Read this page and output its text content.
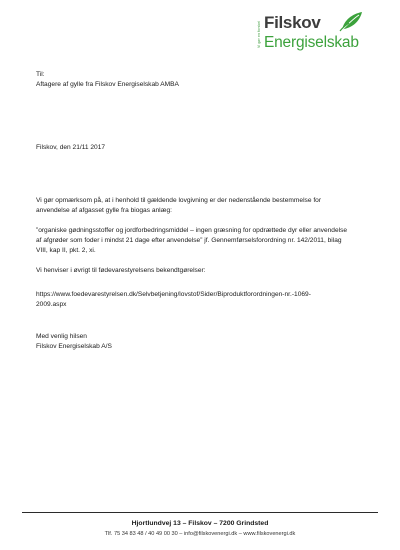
Vi gør en forskel Filskov
Energiselskab
Til:
Aftagere af gylle fra Filskov Energiselskab AMBA
Filskov, den 21/11 2017
Vi gør opmærksom på, at i henhold til gældende lovgivning er der nedenstående bestemmelse for
anvendelse af afgasset gylle fra biogas anlæg:
”organiske gødningsstoffer og jordforbedringsmiddel – ingen græsning for opdrættede dyr eller anvendelse
af afgrøder som foder i mindst 21 dage efter anvendelse” jf. Gennemførselsforordning nr. 142/2011, bilag
VIII, kap II, pkt. 2, xi.
Vi henviser i øvrigt til fødevarestyrelsens bekendtgørelser:
https://www.foedevarestyrelsen.dk/Selvbetjening/lovstof/Sider/Biproduktforordningen-nr.-1069-
2009.aspx
Med venlig hilsen
Filskov Energiselskab A/S
Hjortlundvej 13 – Filskov – 7200 Grindsted
Tlf. 75 34 83 48 / 40 49 00 30 – info@filskovenergi.dk – www.filskovenergi.dk
